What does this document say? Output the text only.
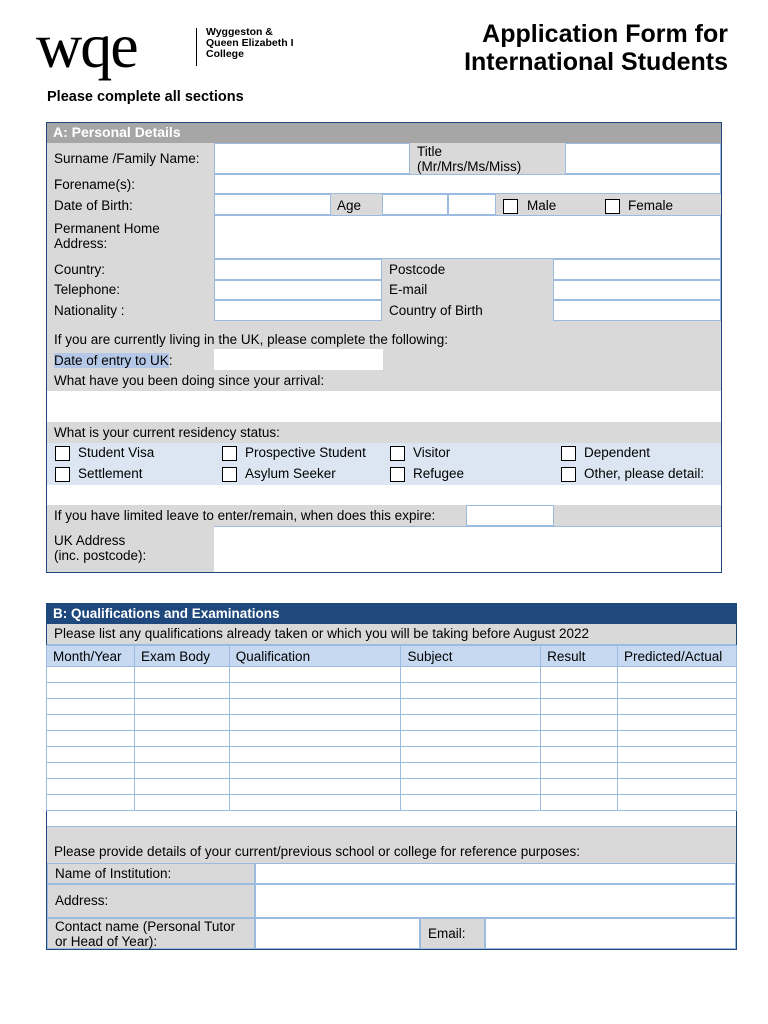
wqe	Wyggeston &
Queen Elizabeth I
College
Application Form for
International Students
Please complete all sections
A: Personal Details
Surname /Family Name:	Title
(Mr/Mrs/Ms/Miss)
Forename(s):
Date of Birth:	Age	Male	Female
Permanent Home
Address:
Country:	Postcode
Telephone:	E-mail
Nationality :	Country of Birth
If you are currently living in the UK, please complete the following:
Date of entry to UK:
What have you been doing since your arrival:
What is your current residency status:
Student Visa	Prospective Student	Visitor	Dependent
Settlement	Asylum Seeker	Refugee	Other, please detail:
If you have limited leave to enter/remain, when does this expire:
UK Address
(inc. postcode):
B: Qualifications and Examinations
Please list any qualifications already taken or which you will be taking before August 2022
Month/Year	Exam Body	Qualification	Subject	Result	Predicted/Actual

Please provide details of your current/previous school or college for reference purposes:
Name of Institution:
Address:
Contact name (Personal Tutor
or Head of Year):
Email:
